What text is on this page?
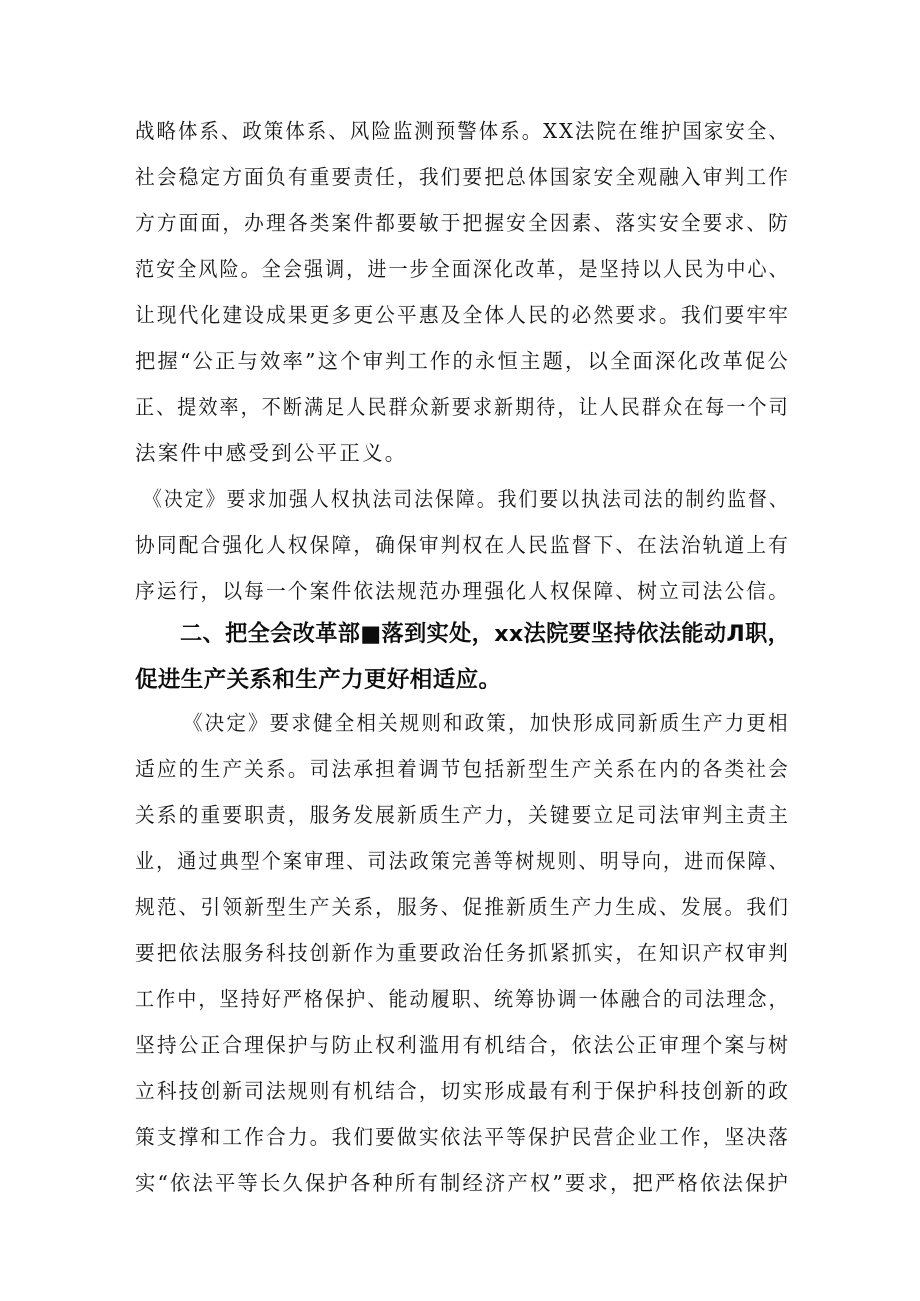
战略体系、政策体系、风险监测预警体系。XX法院在维护国家安全、
社会稳定方面负有重要责任，我们要把总体国家安全观融入审判工作
方方面面，办理各类案件都要敏于把握安全因素、落实安全要求、防
范安全风险。全会强调，进一步全面深化改革，是坚持以人民为中心、
让现代化建设成果更多更公平惠及全体人民的必然要求。我们要牢牢
把握“公正与效率”这个审判工作的永恒主题，以全面深化改革促公
正、提效率，不断满足人民群众新要求新期待，让人民群众在每一个司
法案件中感受到公平正义。
《决定》要求加强人权执法司法保障。我们要以执法司法的制约监督、
协同配合强化人权保障，确保审判权在人民监督下、在法治轨道上有
序运行，以每一个案件依法规范办理强化人权保障、树立司法公信。
二、把全会改革部■落到实处，xx法院要坚持依法能动Л职，
促进生产关系和生产力更好相适应。
《决定》要求健全相关规则和政策，加快形成同新质生产力更相
适应的生产关系。司法承担着调节包括新型生产关系在内的各类社会
关系的重要职责，服务发展新质生产力，关键要立足司法审判主责主
业，通过典型个案审理、司法政策完善等树规则、明导向，进而保障、
规范、引领新型生产关系，服务、促推新质生产力生成、发展。我们
要把依法服务科技创新作为重要政治任务抓紧抓实，在知识产权审判
工作中，坚持好严格保护、能动履职、统筹协调一体融合的司法理念，
坚持公正合理保护与防止权利滥用有机结合，依法公正审理个案与树
立科技创新司法规则有机结合，切实形成最有利于保护科技创新的政
策支撑和工作合力。我们要做实依法平等保护民营企业工作，坚决落
实“依法平等长久保护各种所有制经济产权”要求，把严格依法保护
